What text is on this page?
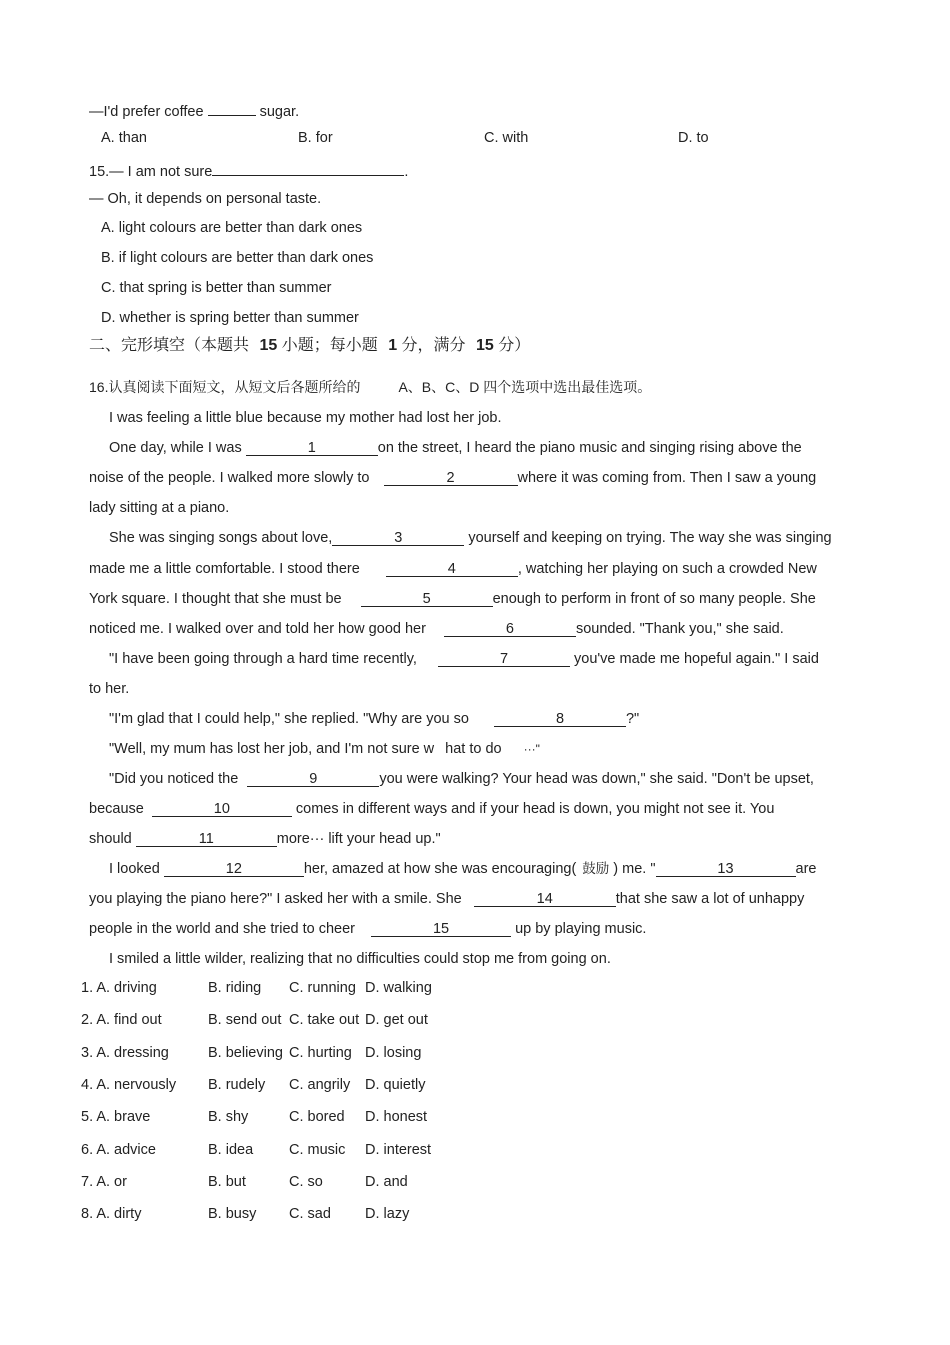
—I'd prefer coffee	sugar.
A. than	B. for	C. with	D. to
15.— I am not sure	.
— Oh, it depends on personal taste.
A. light colours are better than dark ones
B. if light colours are better than dark ones
C. that spring is better than summer
D. whether is spring better than summer
二、完形填空（本题共 15 小题；每小题 1 分，满分 15 分）
16.认真阅读下面短文，从短文后各题所给的	A、B、C、D 四个选项中选出最佳选项。
I was feeling a little blue because my mother had lost her job.
One day, while I was	1	on the street, I heard the piano music and singing rising above the
noise of the people. I walked more slowly to	2	where it was coming from. Then I saw a young
lady sitting at a piano.
She was singing songs about love,	3	yourself and keeping on trying. The way she was singing
made me a little comfortable. I stood there	4	, watching her playing on such a crowded New
York square. I thought that she must be	5	enough to perform in front of so many people. She
noticed me. I walked over and told her how good her	6	sounded. "Thank you," she said.
"I have been going through a hard time recently,	7	you've made me hopeful again." I said
to her.
"I'm glad that I could help," she replied. "Why are you so	8	?"
"Well, my mum has lost her job, and I'm not sure w hat to do ···"
"Did you noticed the	9	you were walking? Your head was down," she said. "Don't be upset,
because	10	comes in different ways and if your head is down, you might not see it. You
should	11	more··· lift your head up."
I looked	12	her, amazed at how she was encouraging( 鼓励 ) me. "	13	are
you playing the piano here?" I asked her with a smile. She	14	that she saw a lot of unhappy
people in the world and she tried to cheer	15	up by playing music.
I smiled a little wilder, realizing that no difficulties could stop me from going on.
1. A. driving	B. riding C. running D. walking
2. A. find out	B. send out C. take out D. get out
3. A. dressing	B. believing C. hurting D. losing
4. A. nervously B. rudely C. angrily D. quietly
5. A. brave	B. shy	C. bored D. honest
6. A. advice	B. idea C. music D. interest
7. A. or	B. but	C. so	D. and
8. A. dirty	B. busy C. sad D. lazy
